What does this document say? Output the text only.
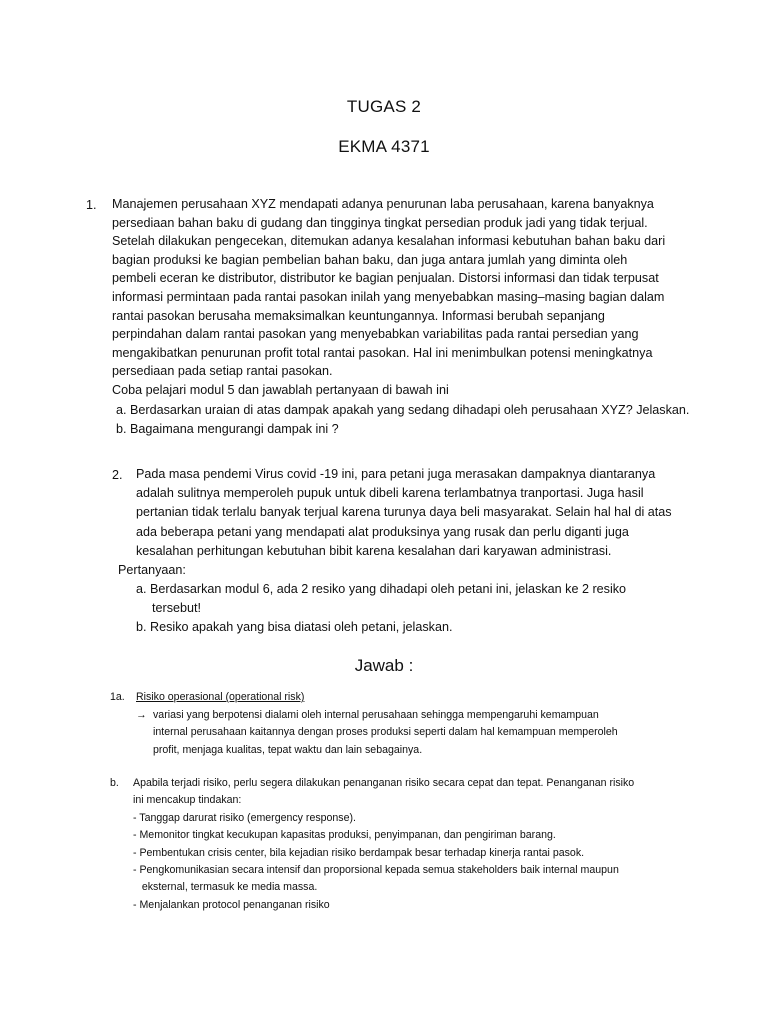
TUGAS 2
EKMA 4371
1. Manajemen perusahaan XYZ mendapati adanya penurunan laba perusahaan, karena banyaknya
persediaan bahan baku di gudang dan tingginya tingkat persedian produk jadi yang tidak terjual.
Setelah dilakukan pengecekan, ditemukan adanya kesalahan informasi kebutuhan bahan baku dari
bagian produksi ke bagian pembelian bahan baku, dan juga antara jumlah yang diminta oleh
pembeli eceran ke distributor, distributor ke bagian penjualan. Distorsi informasi dan tidak terpusat
informasi permintaan pada rantai pasokan inilah yang menyebabkan masing–masing bagian dalam
rantai pasokan berusaha memaksimalkan keuntungannya. Informasi berubah sepanjang
perpindahan dalam rantai pasokan yang menyebabkan variabilitas pada rantai persedian yang
mengakibatkan penurunan profit total rantai pasokan. Hal ini menimbulkan potensi meningkatnya
persediaan pada setiap rantai pasokan.
Coba pelajari modul 5 dan jawablah pertanyaan di bawah ini
a. Berdasarkan uraian di atas dampak apakah yang sedang dihadapi oleh perusahaan XYZ? Jelaskan.
b. Bagaimana mengurangi dampak ini ?
2. Pada masa pendemi Virus covid -19 ini, para petani juga merasakan dampaknya diantaranya
adalah sulitnya memperoleh pupuk untuk dibeli karena terlambatnya tranportasi. Juga hasil
pertanian tidak terlalu banyak terjual karena turunya daya beli masyarakat. Selain hal hal di atas
ada beberapa petani yang mendapati alat produksinya yang rusak dan perlu diganti juga
kesalahan perhitungan kebutuhan bibit karena kesalahan dari karyawan administrasi.
Pertanyaan:
a. Berdasarkan modul 6, ada 2 resiko yang dihadapi oleh petani ini, jelaskan ke 2 resiko
tersebut!
b. Resiko apakah yang bisa diatasi oleh petani, jelaskan.
Jawab :
1a. Risiko operasional (operational risk)
→ variasi yang berpotensi dialami oleh internal perusahaan sehingga mempengaruhi kemampuan
internal perusahaan kaitannya dengan proses produksi seperti dalam hal kemampuan memperoleh
profit, menjaga kualitas, tepat waktu dan lain sebagainya.
b. Apabila terjadi risiko, perlu segera dilakukan penanganan risiko secara cepat dan tepat. Penanganan risiko
ini mencakup tindakan:
- Tanggap darurat risiko (emergency response).
- Memonitor tingkat kecukupan kapasitas produksi, penyimpanan, dan pengiriman barang.
- Pembentukan crisis center, bila kejadian risiko berdampak besar terhadap kinerja rantai pasok.
- Pengkomunikasian secara intensif dan proporsional kepada semua stakeholders baik internal maupun
eksternal, termasuk ke media massa.
- Menjalankan protocol penanganan risiko
